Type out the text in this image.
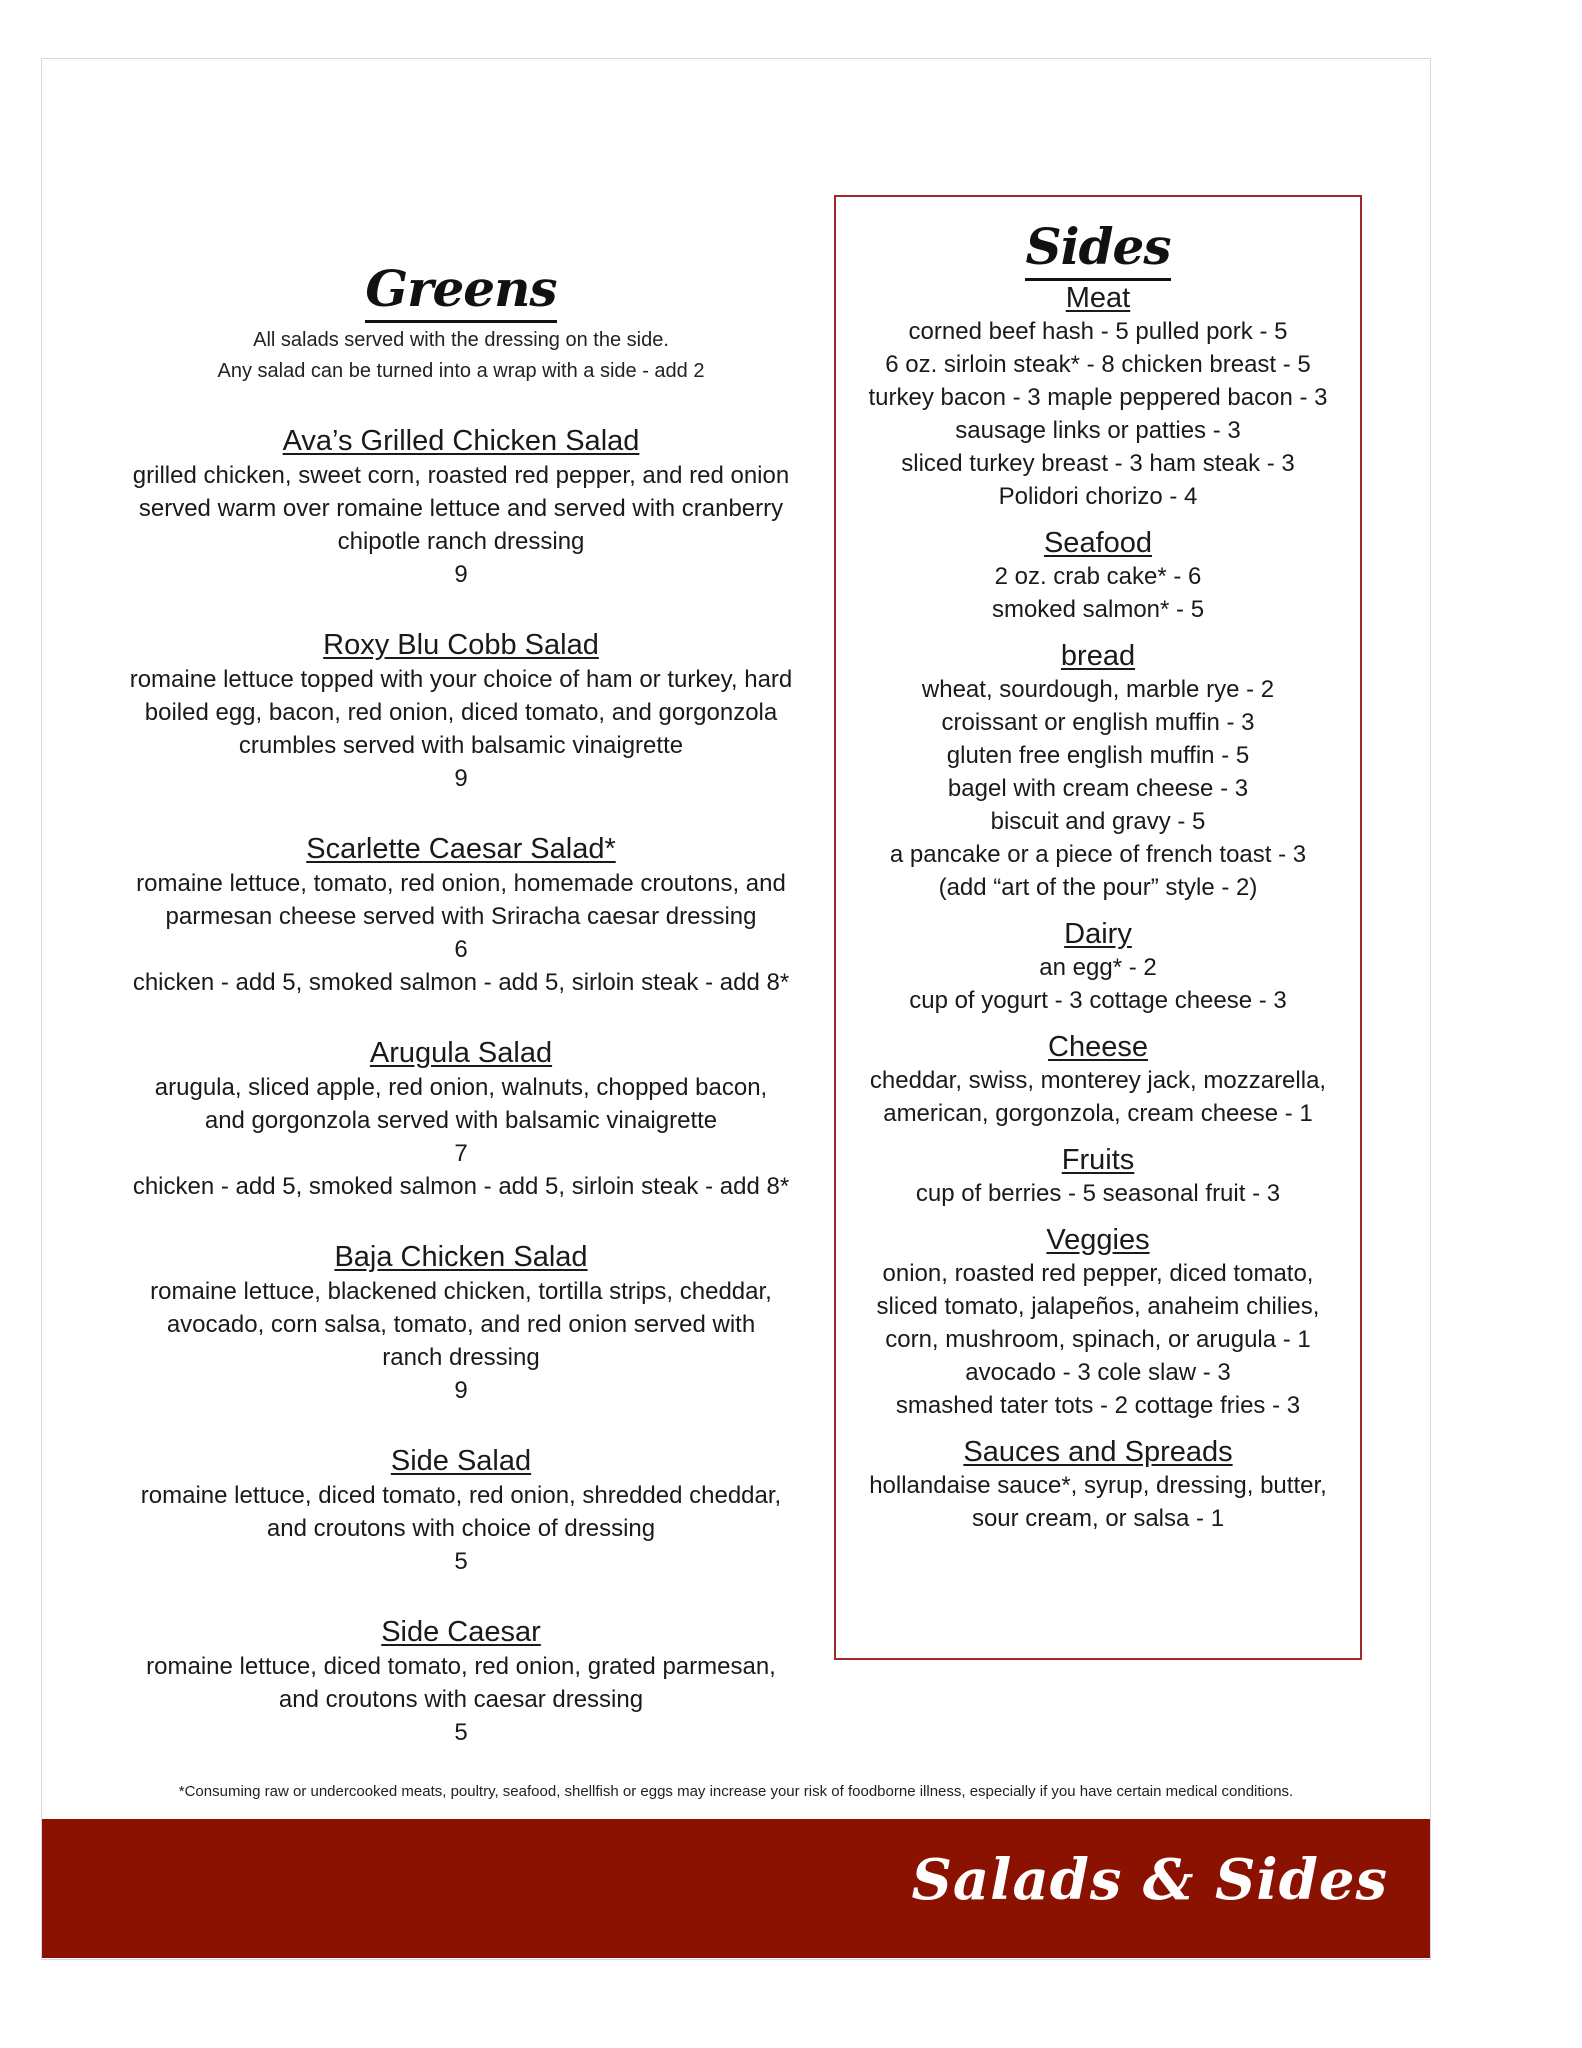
Greens
All salads served with the dressing on the side.
Any salad can be turned into a wrap with a side - add 2
Ava’s Grilled Chicken Salad
grilled chicken, sweet corn, roasted red pepper, and red onion
served warm over romaine lettuce and served with cranberry
chipotle ranch dressing
9
Roxy Blu Cobb Salad
romaine lettuce topped with your choice of ham or turkey, hard
boiled egg, bacon, red onion, diced tomato, and gorgonzola
crumbles served with balsamic vinaigrette
9
Scarlette Caesar Salad*
romaine lettuce, tomato, red onion, homemade croutons, and
parmesan cheese served with Sriracha caesar dressing
6
chicken - add 5, smoked salmon - add 5, sirloin steak - add 8*
Arugula Salad
arugula, sliced apple, red onion, walnuts, chopped bacon,
and gorgonzola served with balsamic vinaigrette
7
chicken - add 5, smoked salmon - add 5, sirloin steak - add 8*
Baja Chicken Salad
romaine lettuce, blackened chicken, tortilla strips, cheddar,
avocado, corn salsa, tomato, and red onion served with
ranch dressing
9
Side Salad
romaine lettuce, diced tomato, red onion, shredded cheddar,
and croutons with choice of dressing
5
Side Caesar
romaine lettuce, diced tomato, red onion, grated parmesan,
and croutons with caesar dressing
5
Sides
Meat
corned beef hash - 5 pulled pork - 5
6 oz. sirloin steak* - 8 chicken breast - 5
turkey bacon - 3 maple peppered bacon - 3
sausage links or patties - 3
sliced turkey breast - 3 ham steak - 3
Polidori chorizo - 4
Seafood
2 oz. crab cake* - 6
smoked salmon* - 5
bread
wheat, sourdough, marble rye - 2
croissant or english muffin - 3
gluten free english muffin - 5
bagel with cream cheese - 3
biscuit and gravy - 5
a pancake or a piece of french toast - 3
(add “art of the pour” style - 2)
Dairy
an egg* - 2
cup of yogurt - 3 cottage cheese - 3
Cheese
cheddar, swiss, monterey jack, mozzarella,
american, gorgonzola, cream cheese - 1
Fruits
cup of berries - 5 seasonal fruit - 3
Veggies
onion, roasted red pepper, diced tomato,
sliced tomato, jalapeños, anaheim chilies,
corn, mushroom, spinach, or arugula - 1
avocado - 3 cole slaw - 3
smashed tater tots - 2 cottage fries - 3
Sauces and Spreads
hollandaise sauce*, syrup, dressing, butter,
sour cream, or salsa - 1
*Consuming raw or undercooked meats, poultry, seafood, shellfish or eggs may increase your risk of foodborne illness, especially if you have certain medical conditions.
Salads & Sides
